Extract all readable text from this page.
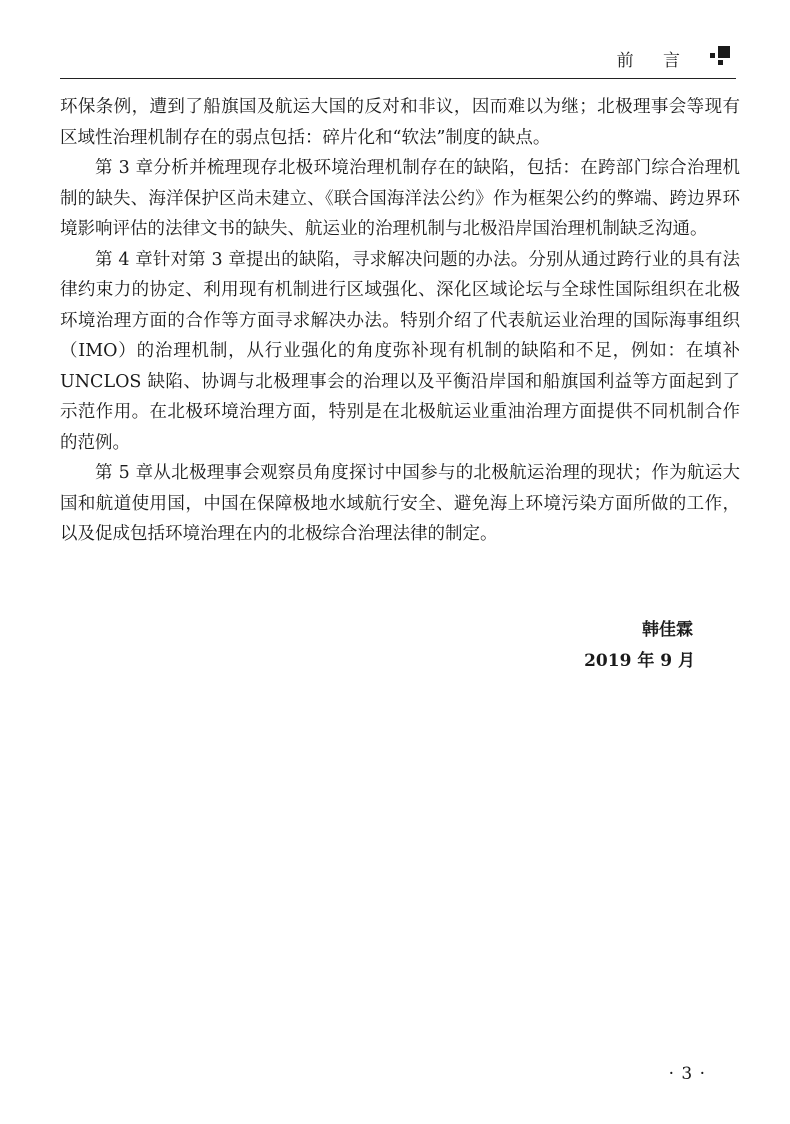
前 言

环保条例，遭到了船旗国及航运大国的反对和非议，因而难以为继；北极理事会等现有区域性治理机制存在的弱点包括：碎片化和“软法”制度的缺点。

第 3 章分析并梳理现存北极环境治理机制存在的缺陷，包括：在跨部门综合治理机制的缺失、海洋保护区尚未建立、《联合国海洋法公约》作为框架公约的弊端、跨边界环境影响评估的法律文书的缺失、航运业的治理机制与北极沿岸国治理机制缺乏沟通。

第 4 章针对第 3 章提出的缺陷，寻求解决问题的办法。分别从通过跨行业的具有法律约束力的协定、利用现有机制进行区域强化、深化区域论坛与全球性国际组织在北极环境治理方面的合作等方面寻求解决办法。特别介绍了代表航运业治理的国际海事组织（IMO）的治理机制，从行业强化的角度弥补现有机制的缺陷和不足，例如：在填补 UNCLOS 缺陷、协调与北极理事会的治理以及平衡沿岸国和船旗国利益等方面起到了示范作用。在北极环境治理方面，特别是在北极航运业重油治理方面提供不同机制合作的范例。

第 5 章从北极理事会观察员角度探讨中国参与的北极航运治理的现状；作为航运大国和航道使用国，中国在保障极地水域航行安全、避免海上环境污染方面所做的工作，以及促成包括环境治理在内的北极综合治理法律的制定。

韩佳霖
2019 年 9 月
· 3 ·
